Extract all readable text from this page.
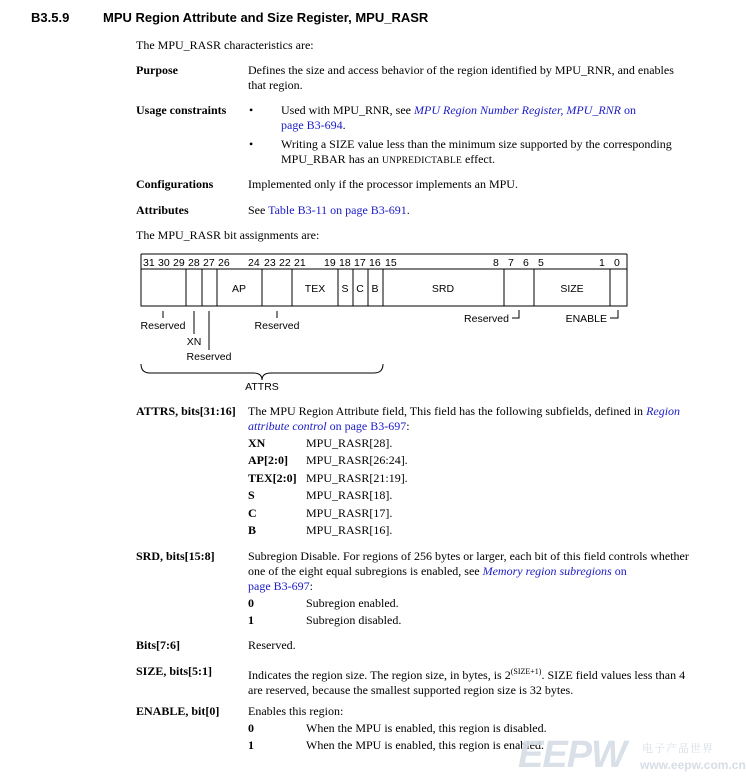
B3.5.9	MPU Region Attribute and Size Register, MPU_RASR
The MPU_RASR characteristics are:
Purpose	Defines the size and access behavior of the region identified by MPU_RNR, and enables that region.
Usage constraints • Used with MPU_RNR, see MPU Region Number Register, MPU_RNR on
page B3-694.
• Writing a SIZE value less than the minimum size supported by the corresponding
MPU_RBAR has an UNPREDICTABLE effect.
Configurations	Implemented only if the processor implements an MPU.
Attributes	See Table B3-11 on page B3-691.
The MPU_RASR bit assignments are:
31 30 29 28 27 26 24 23 22 21 19 18 17 16 15	8 7 6 5	1 0
AP	TEX S C B	SRD	SIZE
Reserved
XN
Reserved
Reserved
Reserved	ENABLE
ATTRS
ATTRS, bits[31:16] The MPU Region Attribute field, This field has the following subfields, defined in Region
attribute control on page B3-697:
XN	MPU_RASR[28].
AP[2:0] MPU_RASR[26:24].
TEX[2:0] MPU_RASR[21:19].
S	MPU_RASR[18].
C	MPU_RASR[17].
B	MPU_RASR[16].
SRD, bits[15:8]	Subregion Disable. For regions of 256 bytes or larger, each bit of this field controls whether
one of the eight equal subregions is enabled, see Memory region subregions on
page B3-697:
0	Subregion enabled.
1	Subregion disabled.
Bits[7:6]	Reserved.
SIZE, bits[5:1]	Indicates the region size. The region size, in bytes, is $2^{(SIZE+1)}$. SIZE field values less than 4
are reserved, because the smallest supported region size is 32 bytes.
ENABLE, bit[0] Enables this region:
0	When the MPU is enabled, this region is disabled.
1	When the MPU is enabled, this region is enabled.
EEPW 电子产品世界
www.eepw.com.cn
